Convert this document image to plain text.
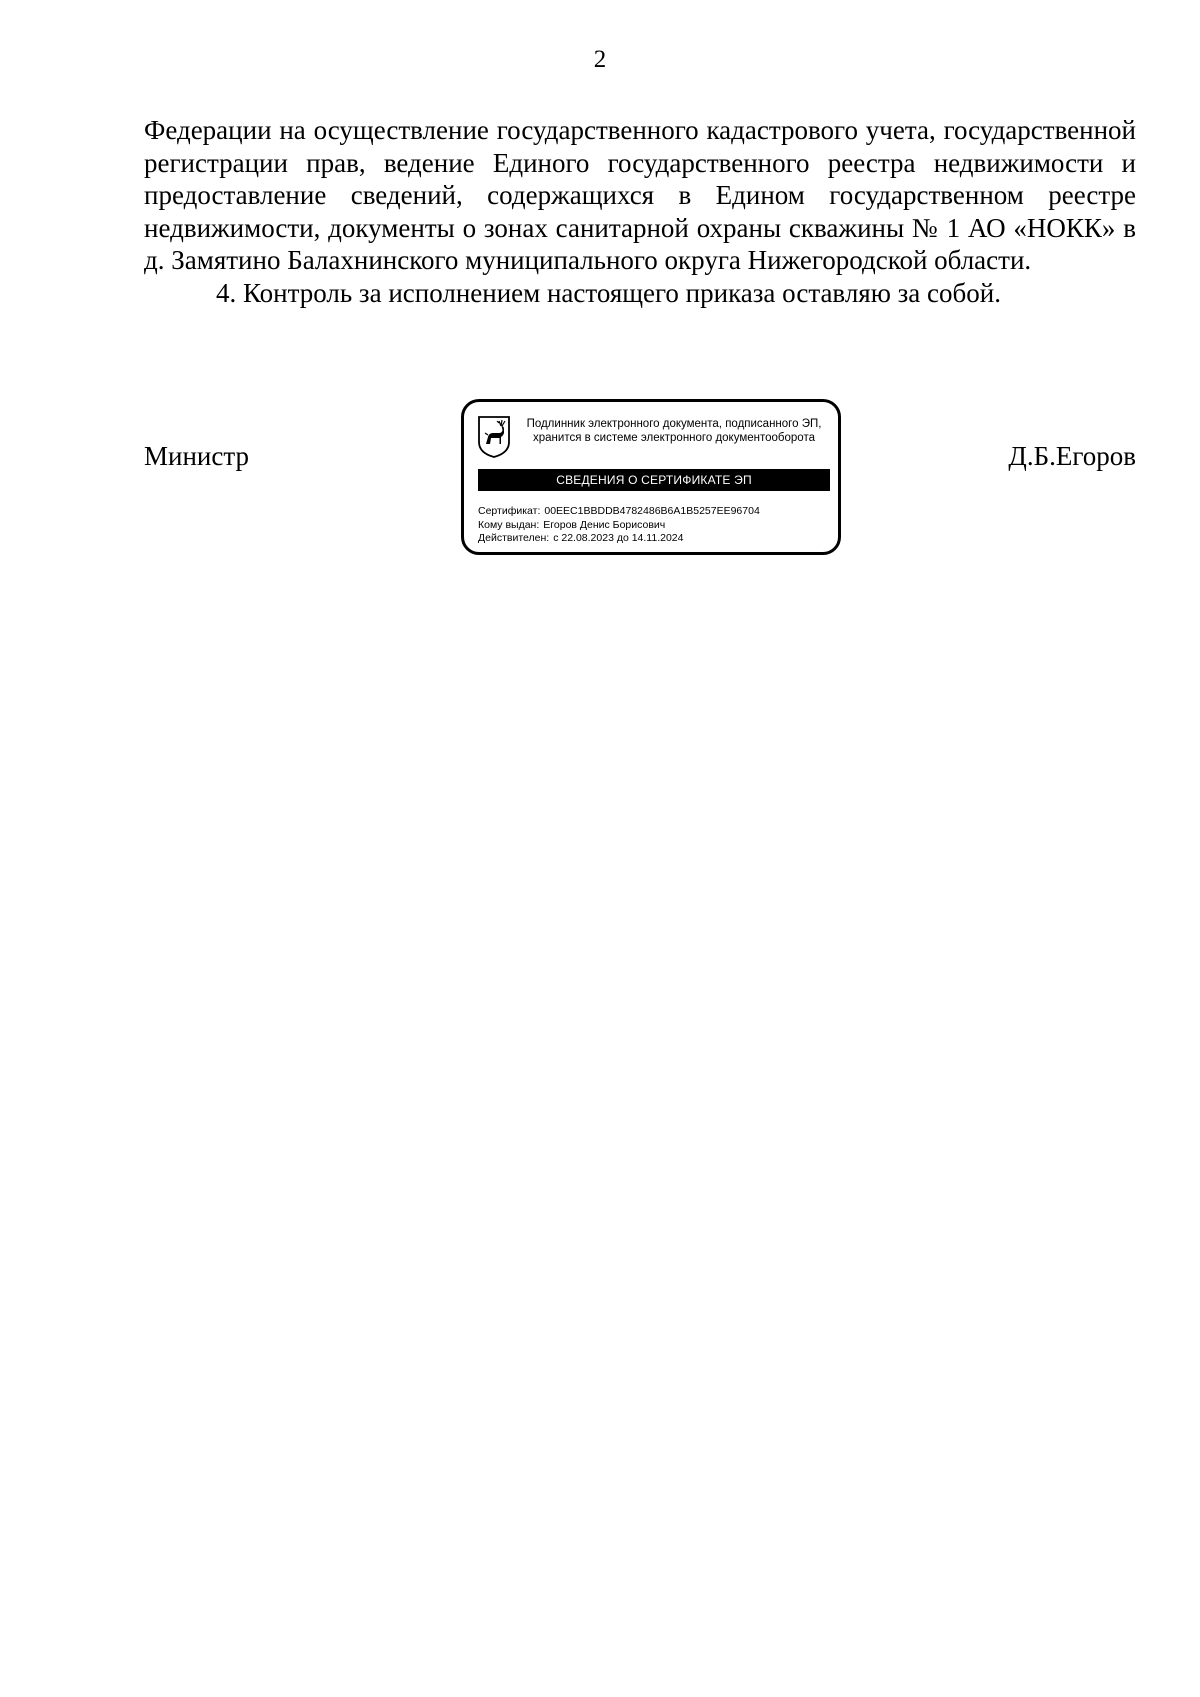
2

Федерации на осуществление государственного кадастрового учета, государственной регистрации прав, ведение Единого государственного реестра недвижимости и предоставление сведений, содержащихся в Едином государственном реестре недвижимости, документы о зонах санитарной охраны скважины № 1 АО «НОКК» в д. Замятино Балахнинского муниципального округа Нижегородской области.

4. Контроль за исполнением настоящего приказа оставляю за собой.

Министр
Подлинник электронного документа, подписанного ЭП,
хранится в системе электронного документооборота
СВЕДЕНИЯ О СЕРТИФИКАТЕ ЭП
Сертификат: 00EEC1BBDDB4782486B6A1B5257EE96704
Кому выдан: Егоров Денис Борисович
Действителен: с 22.08.2023 до 14.11.2024
Д.Б.Егоров
